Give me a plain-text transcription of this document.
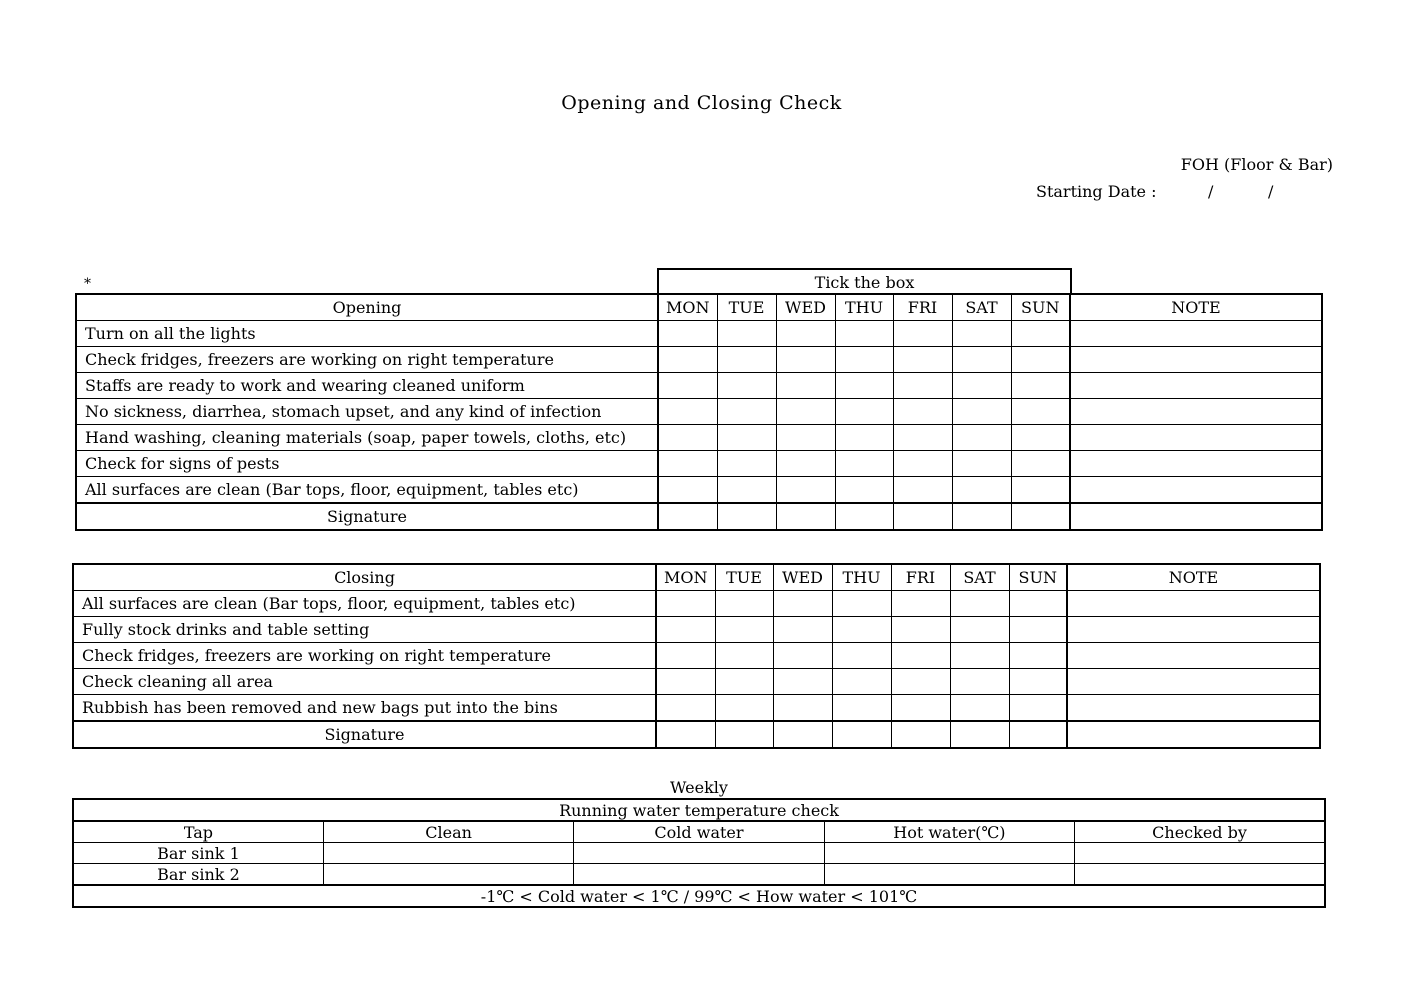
Opening and Closing Check
FOH (Floor & Bar)
Starting Date :	/	/
*	Tick the box
Opening	MON	TUE	WED	THU	FRI	SAT	SUN	NOTE
Turn on all the lights								
Check fridges, freezers are working on right temperature								
Staffs are ready to work and wearing cleaned uniform								
No sickness, diarrhea, stomach upset, and any kind of infection								
Hand washing, cleaning materials (soap, paper towels, cloths, etc)								
Check for signs of pests								
All surfaces are clean (Bar tops, floor, equipment, tables etc)								
Signature								
Closing	MON	TUE	WED	THU	FRI	SAT	SUN	NOTE
All surfaces are clean (Bar tops, floor, equipment, tables etc)								
Fully stock drinks and table setting								
Check fridges, freezers are working on right temperature								
Check cleaning all area								
Rubbish has been removed and new bags put into the bins								
Signature								
Weekly
Running water temperature check				
Tap	Clean	Cold water	Hot water(℃)	Checked by
Bar sink 1				
Bar sink 2				
-1℃ < Cold water < 1℃ / 99℃ < How water < 101℃				
